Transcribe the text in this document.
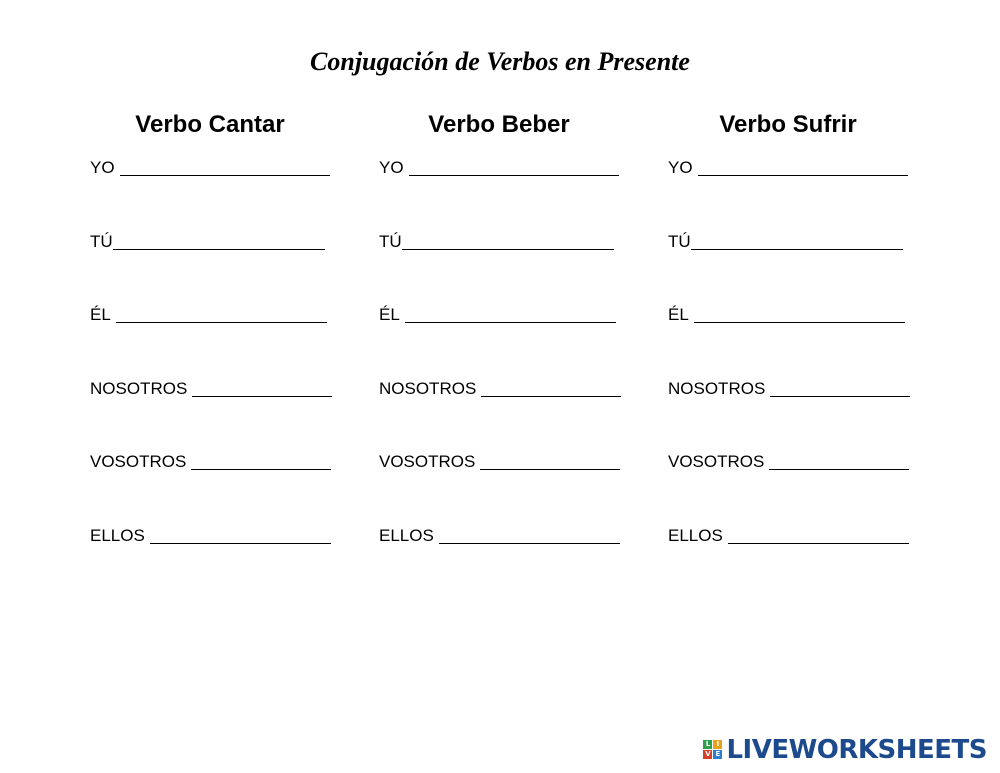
Conjugación de Verbos en Presente
Verbo Cantar
YO
TÚ
ÉL
NOSOTROS
VOSOTROS
ELLOS
Verbo Beber
YO
TÚ
ÉL
NOSOTROS
VOSOTROS
ELLOS
Verbo Sufrir
YO
TÚ
ÉL
NOSOTROS
VOSOTROS
ELLOS
L I
V E LIVEWORKSHEETS
